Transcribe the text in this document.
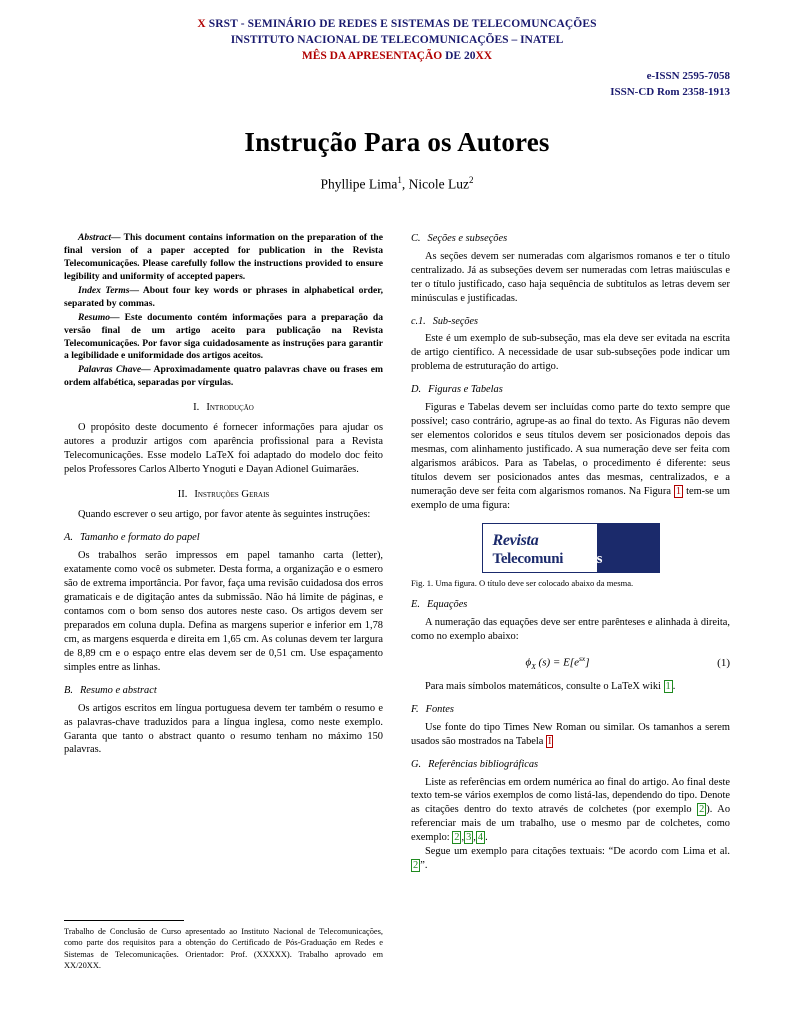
X SRST - SEMINÁRIO DE REDES E SISTEMAS DE TELECOMUNCAÇÕES
INSTITUTO NACIONAL DE TELECOMUNICAÇÕES – INATEL
MÊS DA APRESENTAÇÃO DE 20XX
e-ISSN 2595-7058
ISSN-CD Rom 2358-1913
Instrução Para os Autores
Phyllipe Lima$^1$, Nicole Luz$^2$

Abstract— This document contains information on the preparation of the final version of a paper accepted for publication in the Revista Telecomunicações. Please carefully follow the instructions provided to ensure legibility and uniformity of accepted papers.

Index Terms— About four key words or phrases in alphabetical order, separated by commas.

Resumo— Este documento contém informações para a preparação da versão final de um artigo aceito para publicação na Revista Telecomunicações. Por favor siga cuidadosamente as instruções para garantir a legibilidade e uniformidade dos artigos aceitos.

Palavras Chave— Aproximadamente quatro palavras chave ou frases em ordem alfabética, separadas por vírgulas.

I. Introdução

O propósito deste documento é fornecer informações para ajudar os autores a produzir artigos com aparência profissional para a Revista Telecomunicações. Esse modelo LaTeX foi adaptado do modelo doc feito pelos Professores Carlos Alberto Ynoguti e Dayan Adionel Guimarães.

II. Instruções Gerais

Quando escrever o seu artigo, por favor atente às seguintes instruções:

A. Tamanho e formato do papel

Os trabalhos serão impressos em papel tamanho carta (letter), exatamente como você os submeter. Desta forma, a organização e o esmero são de extrema importância. Por favor, faça uma revisão cuidadosa dos erros gramaticais e de digitação antes da submissão. Não há limite de páginas, e contamos com o bom senso dos autores neste caso. Os artigos devem ser preparados em coluna dupla. Defina as margens superior e inferior em 1,78 cm, as margens esquerda e direita em 1,65 cm. As colunas devem ter largura de 8,89 cm e o espaço entre elas devem ser de 0,51 cm. Use espaçamento simples entre as linhas.

B. Resumo e abstract

Os artigos escritos em língua portuguesa devem ter também o resumo e as palavras-chave traduzidos para a língua inglesa, como neste exemplo. Garanta que tanto o abstract quanto o resumo tenham no máximo 150 palavras.

C. Seções e subseções

As seções devem ser numeradas com algarismos romanos e ter o título centralizado. Já as subseções devem ser numeradas com letras maiúsculas e ter o título justificado, caso haja sequência de subtítulos as letras devem ser minúsculas e justificadas.

c.1. Sub-seções

Este é um exemplo de sub-subseção, mas ela deve ser evitada na escrita de artigo científico. A necessidade de usar sub-subseções pode indicar um problema de estruturação do artigo.

D. Figuras e Tabelas

Figuras e Tabelas devem ser incluídas como parte do texto sempre que possível; caso contrário, agrupe-as ao final do texto. As Figuras não devem ser elementos coloridos e seus títulos devem ser posicionados depois das mesmas, com alinhamento justificado. A sua numeração deve ser feita com algarismos arábicos. Para as Tabelas, o procedimento é diferente: seus títulos devem ser posicionados antes das mesmas, centralizados, e a numeração deve ser feita com algarismos romanos. Na Figura 1 tem-se um exemplo de uma figura:

Revista
Telecomunicações
Fig. 1. Uma figura. O título deve ser colocado abaixo da mesma.
E. Equações

A numeração das equações deve ser entre parênteses e alinhada à direita, como no exemplo abaixo:

$\phi_X$ $(s) = E[e^{sx}]$	(1)

Para mais símbolos matemáticos, consulte o LaTeX wiki 1 .

F. Fontes

Use fonte do tipo Times New Roman ou similar. Os tamanhos a serem usados são mostrados na Tabela I

G. Referências bibliográficas

Liste as referências em ordem numérica ao final do artigo. Ao final deste texto tem-se vários exemplos de como listá-las, dependendo do tipo. Denote as citações dentro do texto através de colchetes (por exemplo 2 ). Ao referenciar mais de um trabalho, use o mesmo par de colchetes, como exemplo: 2 , 3 , 4 .

Segue um exemplo para citações textuais: “De acordo com Lima et al. 2 ”.

Trabalho de Conclusão de Curso apresentado ao Instituto Nacional de Telecomunicações, como parte dos requisitos para a obtenção do Certificado de Pós-Graduação em Redes e Sistemas de Telecomunicações. Orientador: Prof. (XXXXX). Trabalho aprovado em XX/20XX.
